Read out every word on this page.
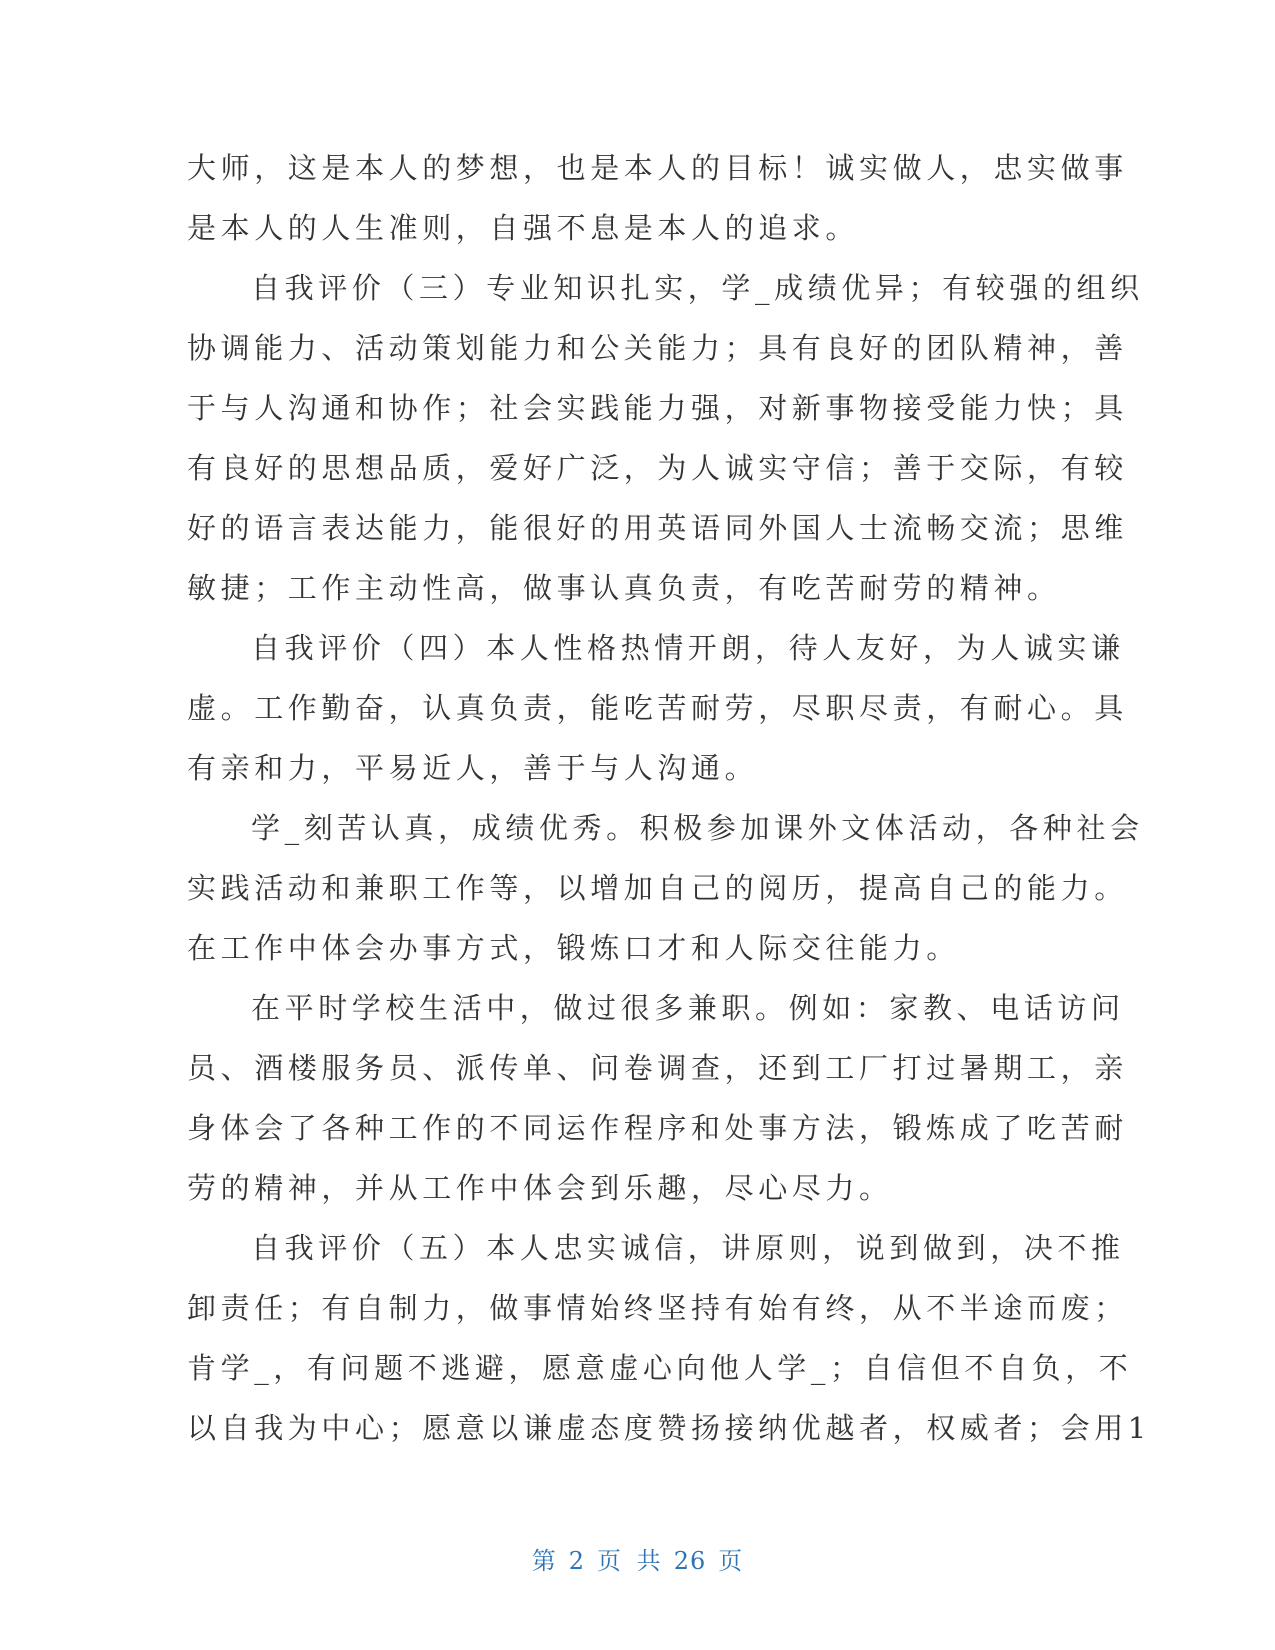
大师，这是本人的梦想，也是本人的目标！诚实做人，忠实做事
是本人的人生准则，自强不息是本人的追求。
自我评价（三）专业知识扎实，学_成绩优异；有较强的组织
协调能力、活动策划能力和公关能力；具有良好的团队精神，善
于与人沟通和协作；社会实践能力强，对新事物接受能力快；具
有良好的思想品质，爱好广泛，为人诚实守信；善于交际，有较
好的语言表达能力，能很好的用英语同外国人士流畅交流；思维
敏捷；工作主动性高，做事认真负责，有吃苦耐劳的精神。
自我评价（四）本人性格热情开朗，待人友好，为人诚实谦
虚。工作勤奋，认真负责，能吃苦耐劳，尽职尽责，有耐心。具
有亲和力，平易近人，善于与人沟通。
学_刻苦认真，成绩优秀。积极参加课外文体活动，各种社会
实践活动和兼职工作等，以增加自己的阅历，提高自己的能力。
在工作中体会办事方式，锻炼口才和人际交往能力。
在平时学校生活中，做过很多兼职。例如：家教、电话访问
员、酒楼服务员、派传单、问卷调查，还到工厂打过暑期工，亲
身体会了各种工作的不同运作程序和处事方法，锻炼成了吃苦耐
劳的精神，并从工作中体会到乐趣，尽心尽力。
自我评价（五）本人忠实诚信，讲原则，说到做到，决不推
卸责任；有自制力，做事情始终坚持有始有终，从不半途而废；
肯学_，有问题不逃避，愿意虚心向他人学_；自信但不自负，不
以自我为中心；愿意以谦虚态度赞扬接纳优越者，权威者；会用1
第 2 页 共 26 页
